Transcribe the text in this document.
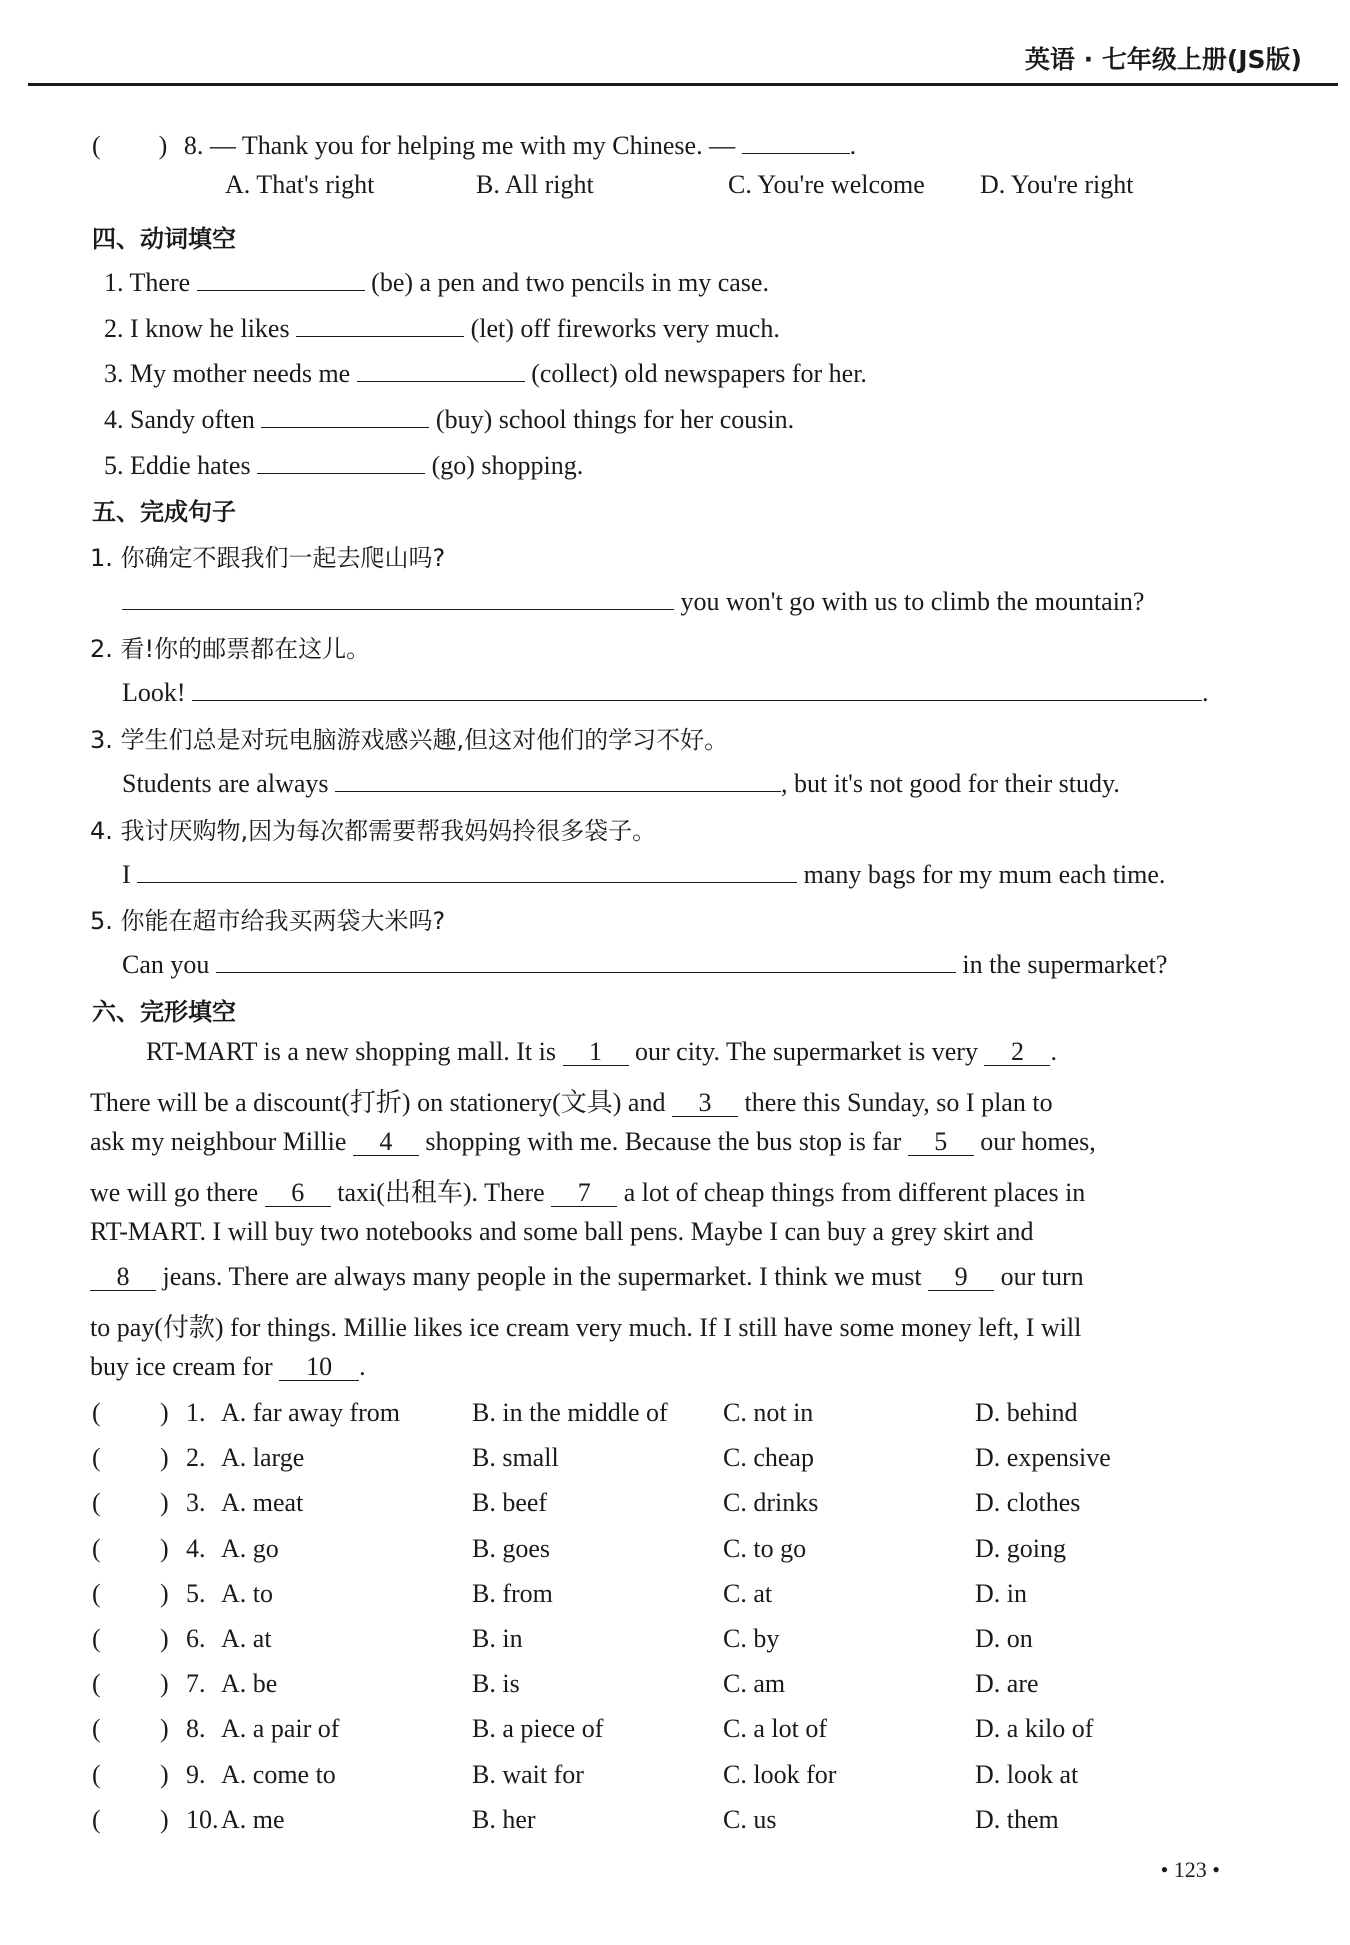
英语 · 七年级上册(JS版)
( ) 8. — Thank you for helping me with my Chinese. —	.
A. That's right	B. All right	C. You're welcome D. You're right
四、动词填空
1. There	(be) a pen and two pencils in my case.
2. I know he likes	(let) off fireworks very much.
3. My mother needs me	(collect) old newspapers for her.
4. Sandy often	(buy) school things for her cousin.
5. Eddie hates	(go) shopping.
五、完成句子
1. 你确定不跟我们一起去爬山吗?
you won't go with us to climb the mountain?
2. 看!你的邮票都在这儿。
Look!	.
3. 学生们总是对玩电脑游戏感兴趣,但这对他们的学习不好。
Students are always	, but it's not good for their study.
4. 我讨厌购物,因为每次都需要帮我妈妈拎很多袋子。
I	many bags for my mum each time.
5. 你能在超市给我买两袋大米吗?
Can you	in the supermarket?
六、完形填空
RT-MART is a new shopping mall. It is 1 our city. The supermarket is very 2 .
There will be a discount(打折) on stationery(文具) and 3 there this Sunday, so I plan to
ask my neighbour Millie 4 shopping with me. Because the bus stop is far 5 our homes,
we will go there 6 taxi(出租车). There 7 a lot of cheap things from different places in
RT-MART. I will buy two notebooks and some ball pens. Maybe I can buy a grey skirt and
8 jeans. There are always many people in the supermarket. I think we must 9 our turn
to pay(付款) for things. Millie likes ice cream very much. If I still have some money left, I will
buy ice cream for 10 .
( ) 1. A. far away from	B. in the middle of C. not in	D. behind
( ) 2. A. large	B. small	C. cheap	D. expensive
( ) 3. A. meat	B. beef	C. drinks	D. clothes
( ) 4. A. go	B. goes	C. to go	D. going
( ) 5. A. to	B. from	C. at	D. in
( ) 6. A. at	B. in	C. by	D. on
( ) 7. A. be	B. is	C. am	D. are
( ) 8. A. a pair of	B. a piece of	C. a lot of	D. a kilo of
( ) 9. A. come to	B. wait for	C. look for	D. look at
( ) 10. A. me	B. her	C. us	D. them
• 123 •
